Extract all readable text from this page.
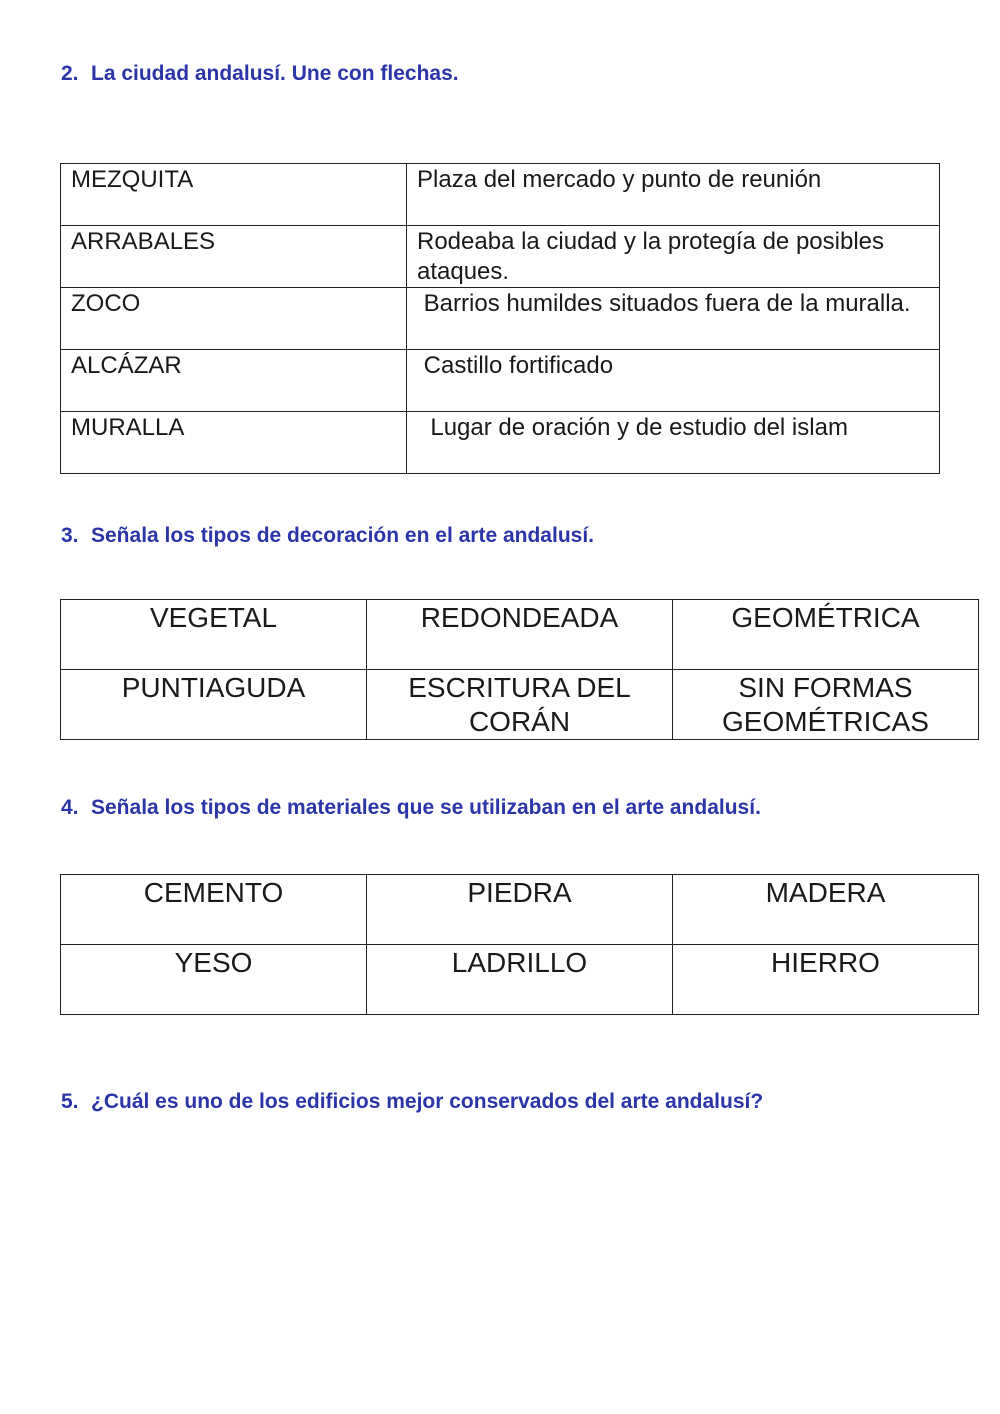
2. La ciudad andalusí. Une con flechas.
MEZQUITA	Plaza del mercado y punto de reunión
ARRABALES	Rodeaba la ciudad y la protegía de posibles ataques.
ZOCO	Barrios humildes situados fuera de la muralla.
ALCÁZAR	Castillo fortificado
MURALLA	Lugar de oración y de estudio del islam
3. Señala los tipos de decoración en el arte andalusí.
VEGETAL	REDONDEADA	GEOMÉTRICA
PUNTIAGUDA	ESCRITURA DEL CORÁN	SIN FORMAS GEOMÉTRICAS
4. Señala los tipos de materiales que se utilizaban en el arte andalusí.
CEMENTO	PIEDRA	MADERA
YESO	LADRILLO	HIERRO
5. ¿Cuál es uno de los edificios mejor conservados del arte andalusí?
